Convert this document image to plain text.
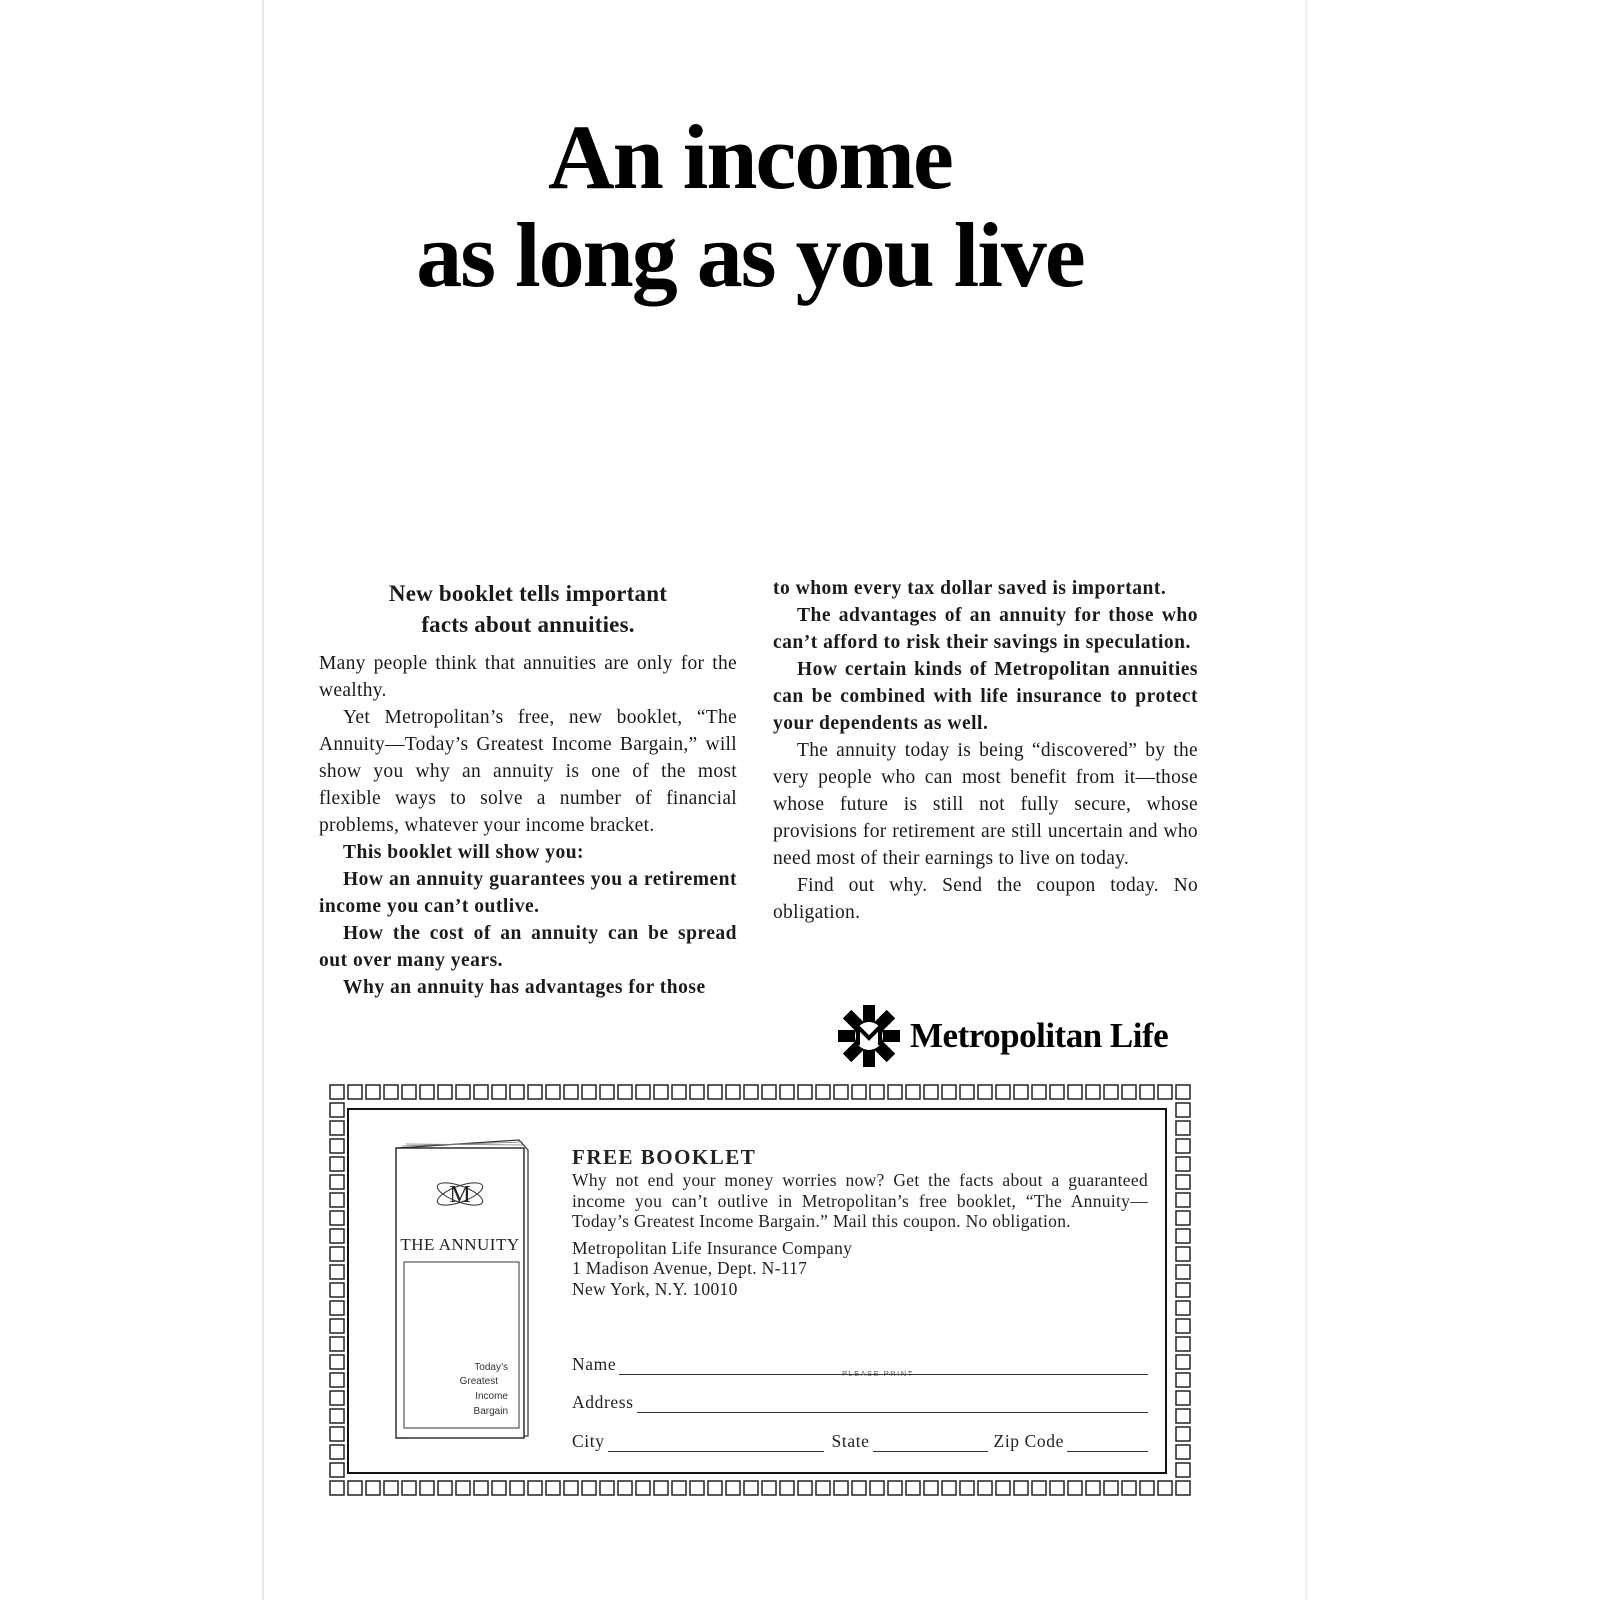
An income
as long as you live
New booklet tells important
facts about annuities.

Many people think that annuities are only for the wealthy.

Yet Metropolitan’s free, new booklet, “The Annuity—Today’s Greatest Income Bargain,” will show you why an annuity is one of the most flexible ways to solve a number of financial problems, whatever your income bracket.

This booklet will show you:

How an annuity guarantees you a retirement income you can’t outlive.

How the cost of an annuity can be spread out over many years.

Why an annuity has advantages for those

to whom every tax dollar saved is important.

The advantages of an annuity for those who can’t afford to risk their savings in speculation.

How certain kinds of Metropolitan annuities can be combined with life insurance to protect your dependents as well.

The annuity today is being “discovered” by the very people who can most benefit from it—those whose future is still not fully secure, whose provisions for retirement are still uncertain and who need most of their earnings to live on today.

Find out why. Send the coupon today. No obligation.

Metropolitan Life
M
THE ANNUITY
Today’s
Greatest
Income
Bargain
FREE BOOKLET

Why not end your money worries now? Get the facts about a guaranteed income you can’t outlive in Metropolitan’s free booklet, “The Annuity—Today’s Greatest Income Bargain.” Mail this coupon. No obligation.

Metropolitan Life Insurance Company
1 Madison Avenue, Dept. N-117
New York, N.Y. 10010
Name	PLEASE PRINT
Address
City	State	Zip Code
